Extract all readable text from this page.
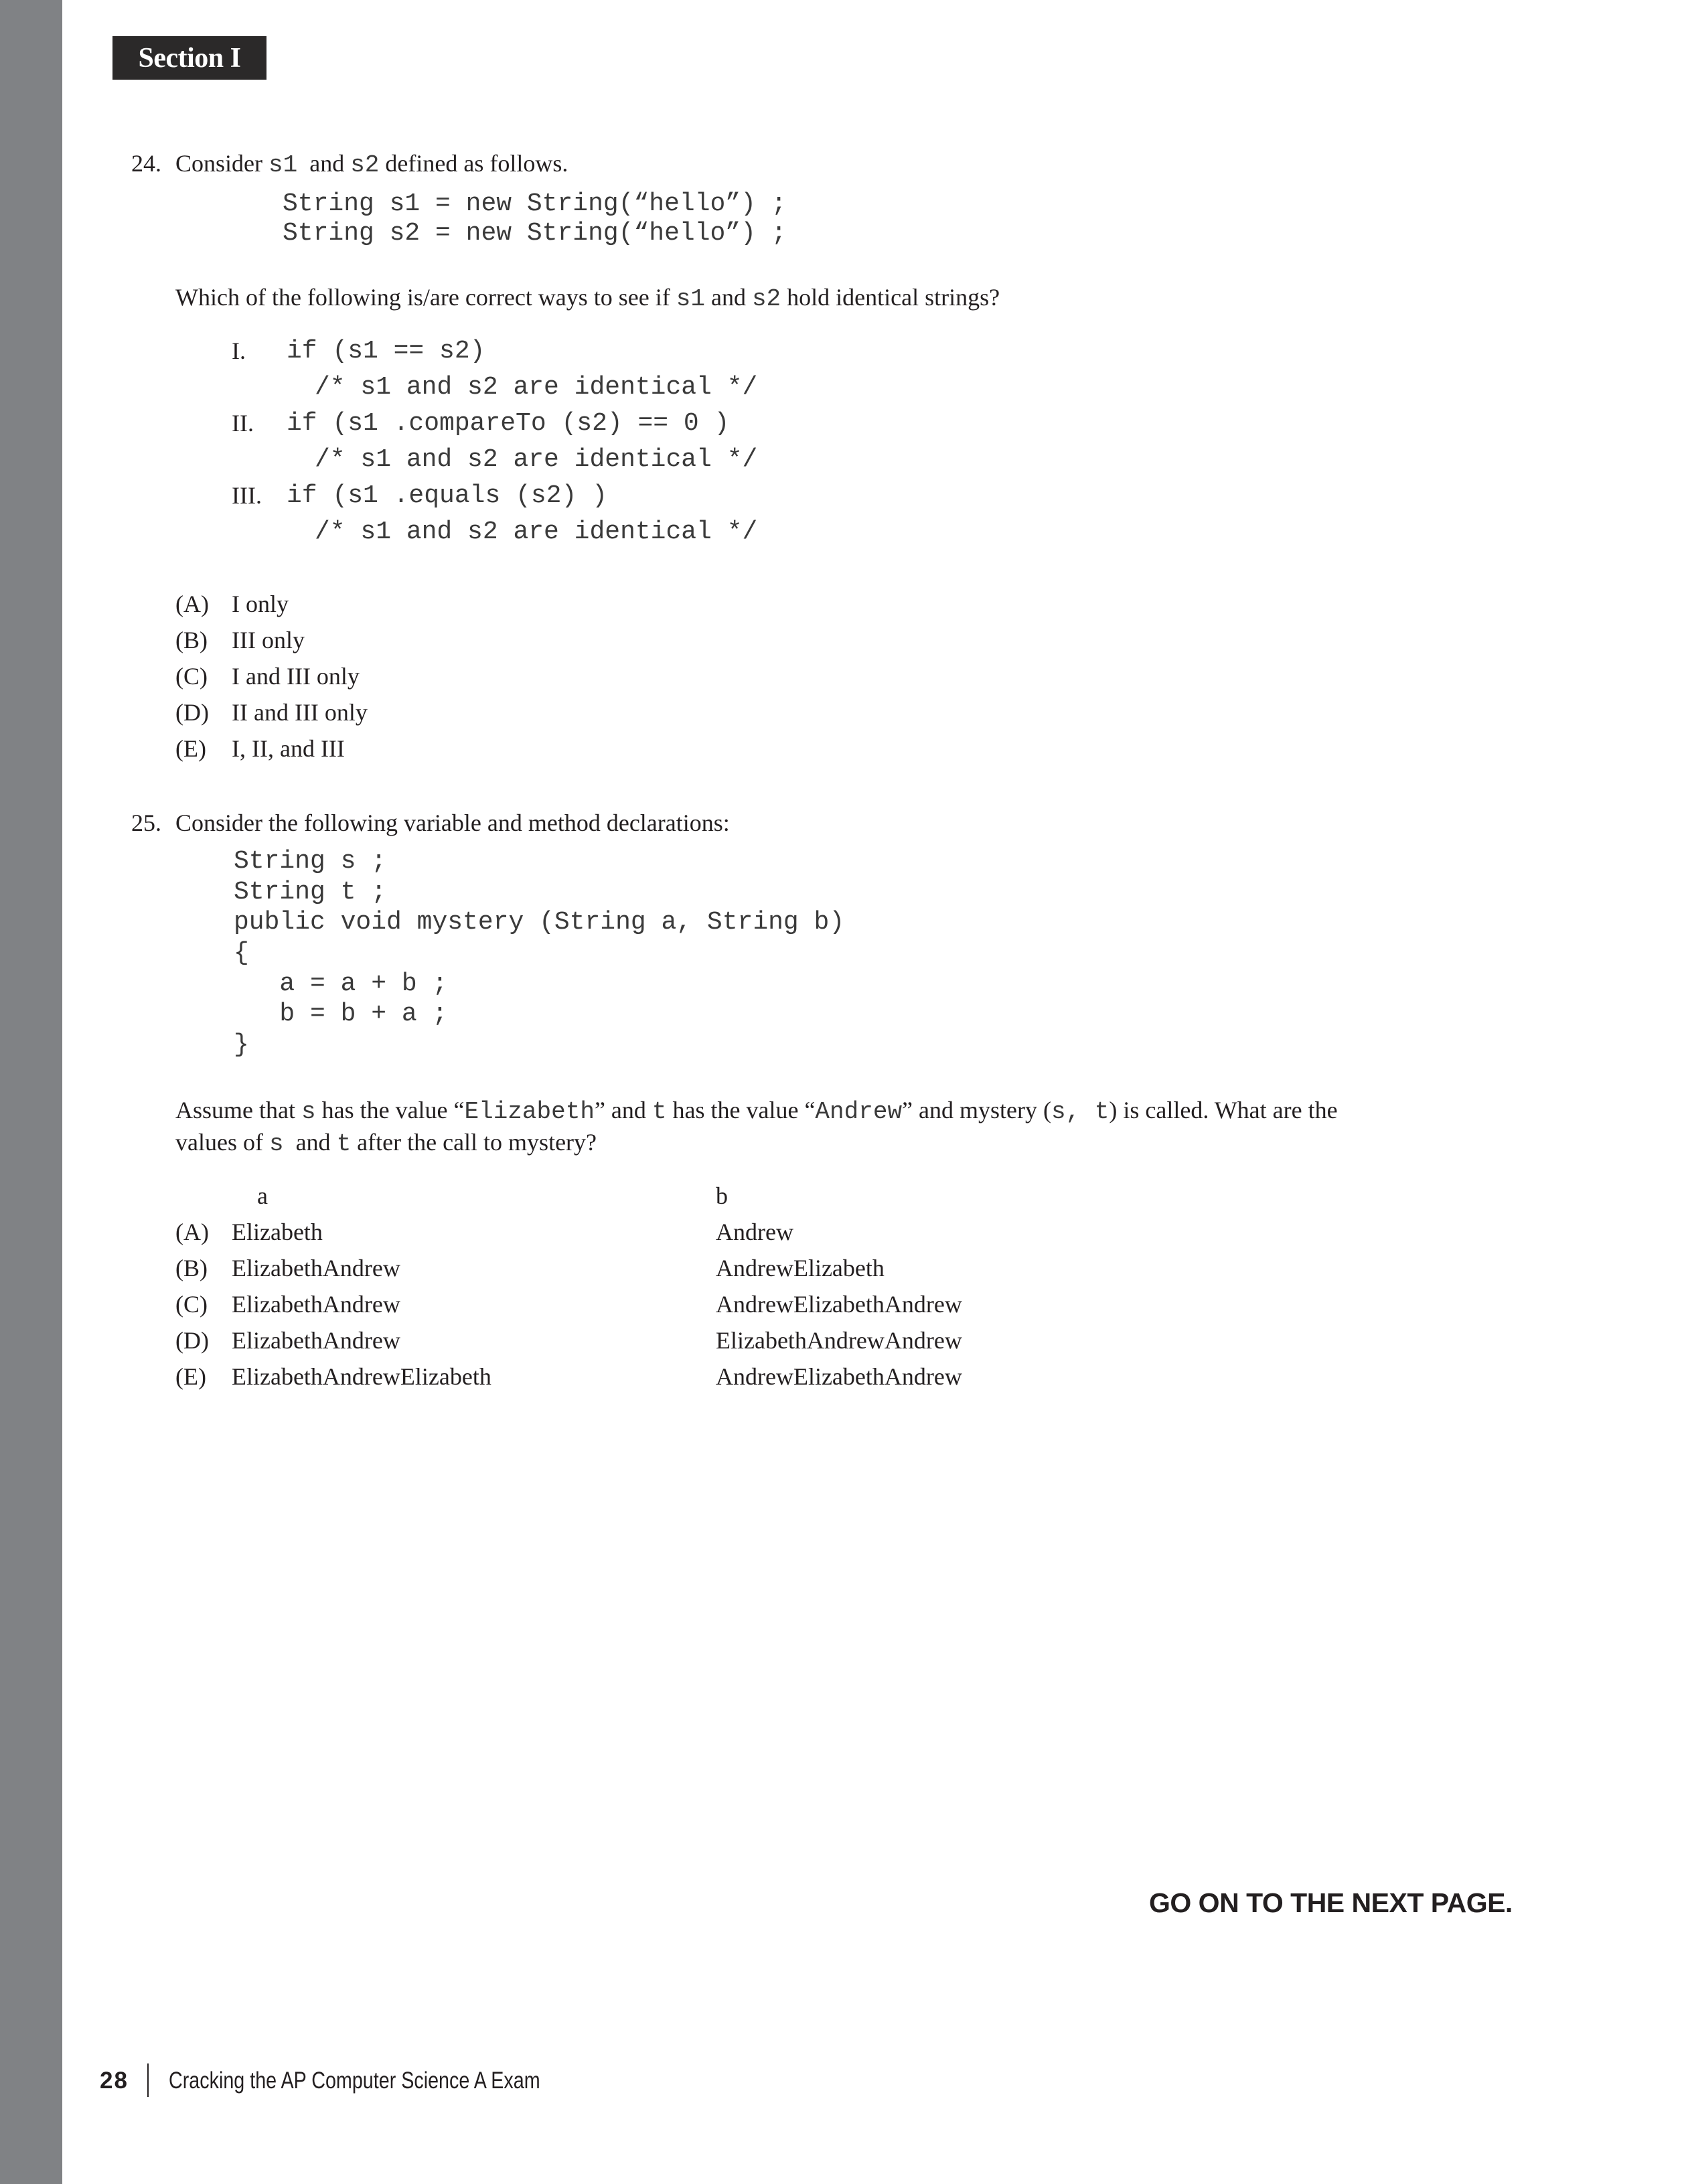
Section I
24. Consider s1  and s2 defined as follows.
String s1 = new String(“hello”) ;
String s2 = new String(“hello”) ;
Which of the following is/are correct ways to see if s1 and s2 hold identical strings?
I. if (s1 == s2)
/* s1 and s2 are identical */
II. if (s1 .compareTo (s2) == 0 )
/* s1 and s2 are identical */
III. if (s1 .equals (s2) )
/* s1 and s2 are identical */
(A) I only
(B) III only
(C) I and III only
(D) II and III only
(E) I, II, and III
25. Consider the following variable and method declarations:
String s ;
String t ;
public void mystery (String a, String b)
{
a = a + b ;
b = b + a ;
}
Assume that s has the value “Elizabeth” and t has the value “Andrew” and mystery (s, t) is called. What are the
values of s  and t after the call to mystery?
a	b
(A) Elizabeth	Andrew
(B) ElizabethAndrew	AndrewElizabeth
(C) ElizabethAndrew	AndrewElizabethAndrew
(D) ElizabethAndrew	ElizabethAndrewAndrew
(E) ElizabethAndrewElizabeth	AndrewElizabethAndrew
GO ON TO THE NEXT PAGE.
28 Cracking the AP Computer Science A Exam
